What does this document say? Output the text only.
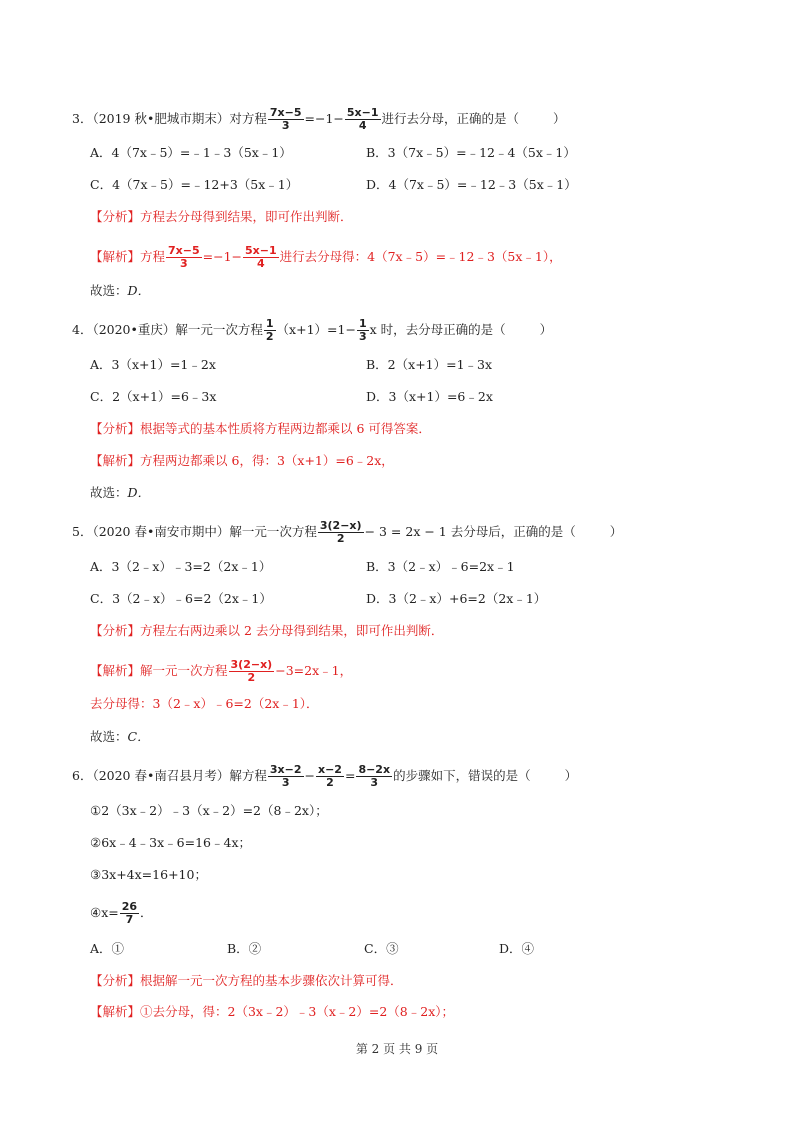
3．（2019 秋•肥城市期末）对方程 $\frac{7x-5}{3} =-1- \frac{5x-1}{4}$ 进行去分母，正确的是（	）
A．4（7x﹣5）=﹣1﹣3（5x﹣1）	B．3（7x﹣5）=﹣12﹣4（5x﹣1）
C．4（7x﹣5）=﹣12+3（5x﹣1）	D．4（7x﹣5）=﹣12﹣3（5x﹣1）
【分析】方程去分母得到结果，即可作出判断．
【解析】方程 $\frac{7x-5}{3} =-1- \frac{5x-1}{4}$ 进行去分母得：4（7x﹣5）=﹣12﹣3（5x﹣1），
故选：D．
4．（2020•重庆）解一元一次方程 $\frac{1}{2} (x+1)=1- \frac{1}{3}$ x 时，去分母正确的是（	）
A．3（x+1）=1﹣2x	B．2（x+1）=1﹣3x
C．2（x+1）=6﹣3x	D．3（x+1）=6﹣2x
【分析】根据等式的基本性质将方程两边都乘以 6 可得答案．
【解析】方程两边都乘以 6，得：3（x+1）=6﹣2x，
故选：D．
5．（2020 春•南安市期中）解一元一次方程 $\frac{3(2-x)}{2} - 3 = 2x - 1$ 去分母后，正确的是（	）
A．3（2﹣x）﹣3=2（2x﹣1）	B．3（2﹣x）﹣6=2x﹣1
C．3（2﹣x）﹣6=2（2x﹣1）	D．3（2﹣x）+6=2（2x﹣1）
【分析】方程左右两边乘以 2 去分母得到结果，即可作出判断．
【解析】解一元一次方程 $\frac{3(2-x)}{2}$ −3=2x﹣1，
去分母得：3（2﹣x）﹣6=2（2x﹣1）．
故选：C．
6．（2020 春•南召县月考）解方程 $\frac{3x-2}{3} - \frac{x-2}{2} = \frac{8-2x}{3}$ 的步骤如下，错误的是（	）
①2（3x﹣2）﹣3（x﹣2）=2（8﹣2x）；
②6x﹣4﹣3x﹣6=16﹣4x；
③3x+4x=16+10；
④x= $\frac{26}{7}$ ．
A．①	B．②	C．③	D．④
【分析】根据解一元一次方程的基本步骤依次计算可得．
【解析】①去分母，得：2（3x﹣2）﹣3（x﹣2）=2（8﹣2x）；
第 2 页 共 9 页
